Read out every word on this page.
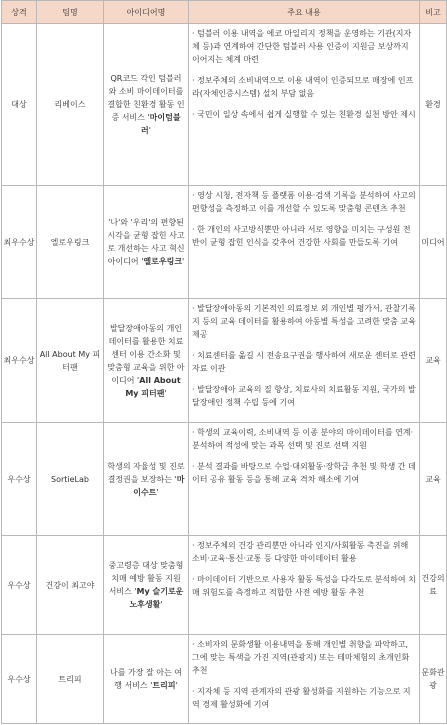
상격	팀명	아이디어명	주요 내용	비고
대상	리베이스	QR코드 각인 텀블러와 소비 마이데이터를 결합한 친환경 활동 인증 서비스 '마이텀블러'	· 텀블러 이용 내역을 에코 마일리지 정책을 운영하는 기관(지자체 등)과 연계하여 간단한 텀블러 사용 인증이 지원금 보상까지 이어지는 체계 마련

· 정보주체의 소비내역으로 이용 내역이 인증되므로 매장에 인프라(자체인증시스템) 설치 부담 없음

· 국민이 일상 속에서 쉽게 실행할 수 있는 친환경 실천 방안 제시	환경
최우수상	엘로우링크	'나'와 '우리'의 편향된 시각을 균형 잡힌 사고로 개선하는 사고 혁신 아이디어 '옐로우링크'	· 영상 시청, 전자책 등 플랫폼 이용·검색 기록을 분석하여 사고의 편향성을 측정하고 이를 개선할 수 있도록 맞춤형 콘텐츠 추천

· 한 개인의 사고방식뿐만 아니라 서로 영향을 미치는 구성원 전반이 균형 잡힌 인식을 갖추어 건강한 사회를 만들도록 기여	미디어
최우수상	All About My 피터팬	발달장애아동의 개인데이터를 활용한 치료센터 이용 간소화 및 맞춤형 교육을 위한 아이디어 'All About My 피터팬'	· 발달장애아동의 기본적인 의료정보 외 개인별 평가서, 관찰기록지 등의 교육 데이터를 활용하여 아동별 특성을 고려한 맞춤 교육 제공

· 치료센터를 옮길 시 전송요구권을 행사하여 새로운 센터로 관련 자료 이관

· 발달장애아 교육의 질 향상, 치료사의 치료활동 지원, 국가의 발달장애인 정책 수립 등에 기여	교육
우수상	SortieLab	학생의 자율성 및 진로 결정권을 보장하는 '마이수트'	· 학생의 교육이력, 소비내역 등 이종 분야의 마이데이터를 연계·분석하여 적성에 맞는 과목 선택 및 진로 선택 지원

· 분석 결과를 바탕으로 수업·대외활동·장학금 추천 및 학생 간 데이터 공유 활동 등을 통해 교육 격차 해소에 기여	교육
우수상	건강이 최고야	중고령층 대상 맞춤형 치매 예방 활동 지원 서비스 'My 슬기로운 노후생활'	· 정보주체의 건강 관리뿐만 아니라 인지/사회활동 촉진을 위해 소비·교육·통신·교통 등 다양한 마이데이터 활용

· 마이데이터 기반으로 사용자 활동 특성을 다각도로 분석하여 치매 위험도를 측정하고 적합한 사전 예방 활동 추천	건강의료
우수상	트리피	나를 가장 잘 아는 여행 서비스 '트리피'	· 소비자의 문화생활 이용내역을 통해 개인별 취향을 파악하고, 그에 맞는 특색을 가진 지역(관광지) 또는 테마체험의 초개인화 추천

· 지자체 등 지역 관계자의 관광 활성화를 지원하는 기능으로 지역 경제 활성화에 기여	문화관광
